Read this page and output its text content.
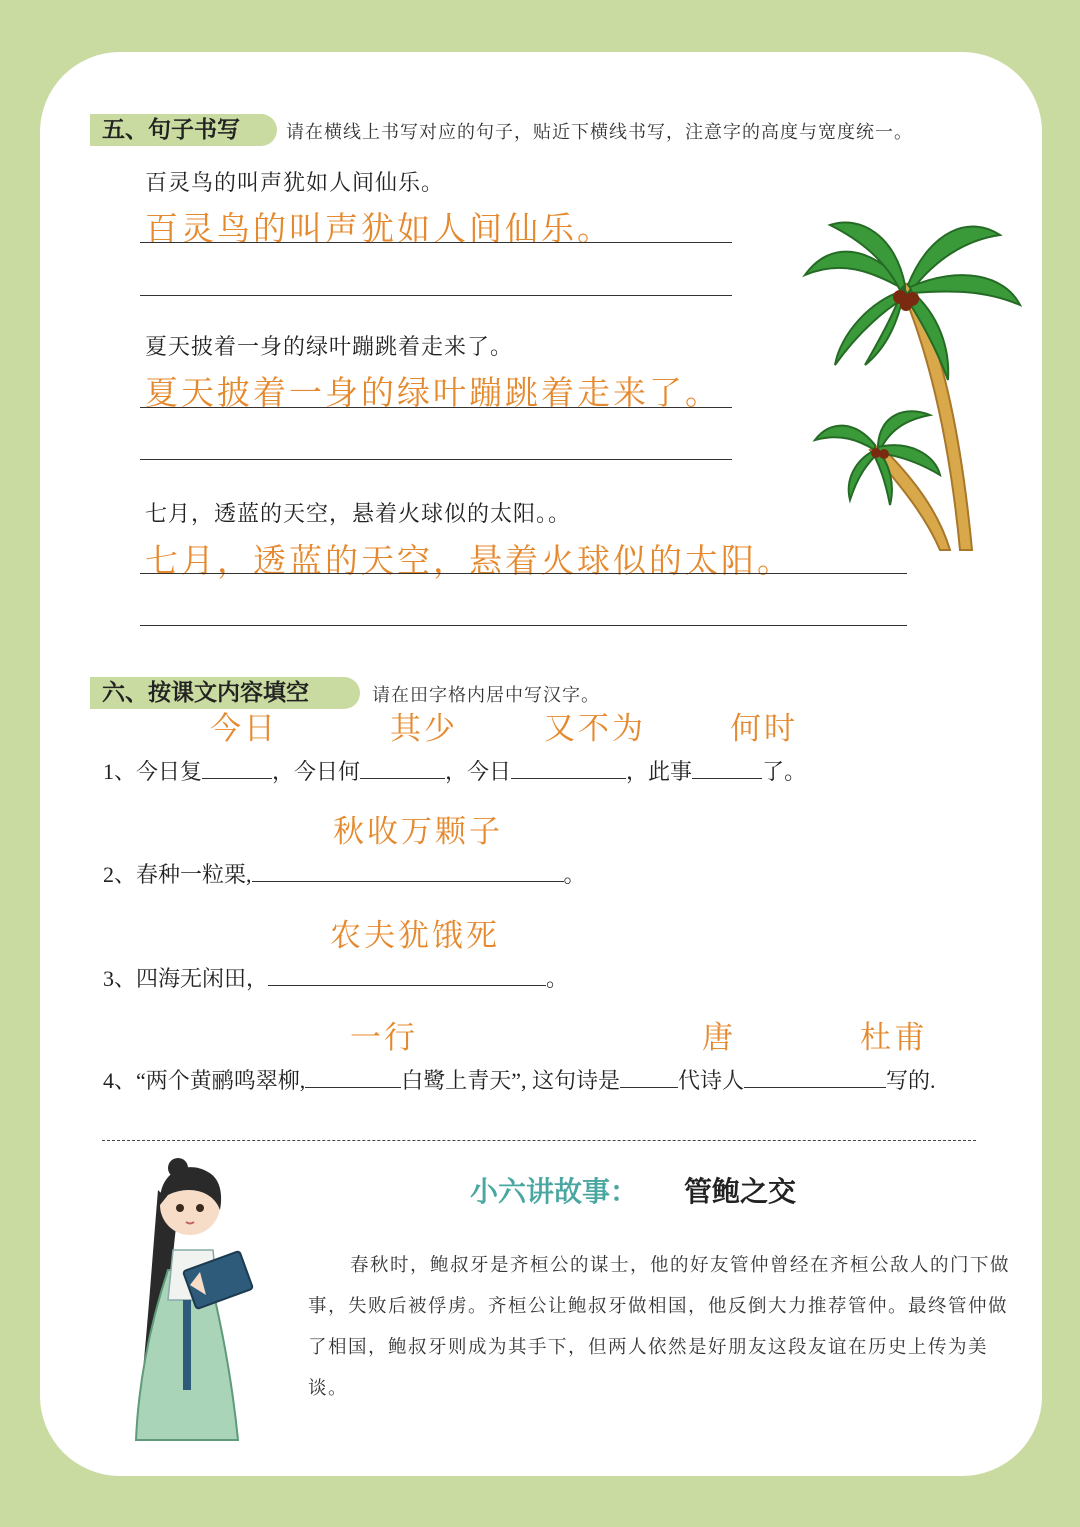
五、句子书写	请在横线上书写对应的句子，贴近下横线书写，注意字的高度与宽度统一。
百灵鸟的叫声犹如人间仙乐。
百灵鸟的叫声犹如人间仙乐。
夏天披着一身的绿叶蹦跳着走来了。
夏天披着一身的绿叶蹦跳着走来了。
七月，透蓝的天空，悬着火球似的太阳。。
七月，透蓝的天空，悬着火球似的太阳。
六、按课文内容填空	请在田字格内居中写汉字。
今日	其少	又不为	何时
1、今日复	，今日何	，今日	，此事	了。
秋收万颗子
2、春种一粒栗,	。
农夫犹饿死
3、四海无闲田，	。
一行	唐	杜甫
4、“两个黄鹂鸣翠柳,	白鹭上青天”, 这句诗是	代诗人	写的.
小六讲故事： 管鲍之交
春秋时，鲍叔牙是齐桓公的谋士，他的好友管仲曾经在齐桓公敌人的门下做事，失败后被俘虏。齐桓公让鲍叔牙做相国，他反倒大力推荐管仲。最终管仲做了相国，鲍叔牙则成为其手下，但两人依然是好朋友这段友谊在历史上传为美谈。
